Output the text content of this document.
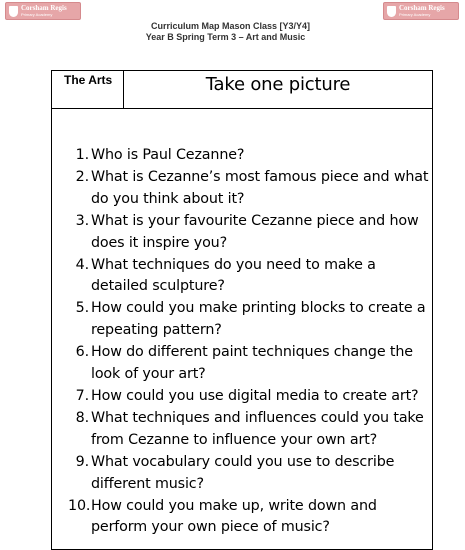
Corsham Regis
Primary Academy
Corsham Regis
Primary Academy
Curriculum Map Mason Class [Y3/Y4]
Year B Spring Term 3 – Art and Music
The Arts	Take one picture
1. Who is Paul Cezanne?
2. What is Cezanne’s most famous piece and what do you think about it?
3. What is your favourite Cezanne piece and how does it inspire you?
4. What techniques do you need to make a detailed sculpture?
5. How could you make printing blocks to create a repeating pattern?
6. How do different paint techniques change the look of your art?
7. How could you use digital media to create art?
8. What techniques and influences could you take from Cezanne to influence your own art?
9. What vocabulary could you use to describe different music?
10. How could you make up, write down and perform your own piece of music?
